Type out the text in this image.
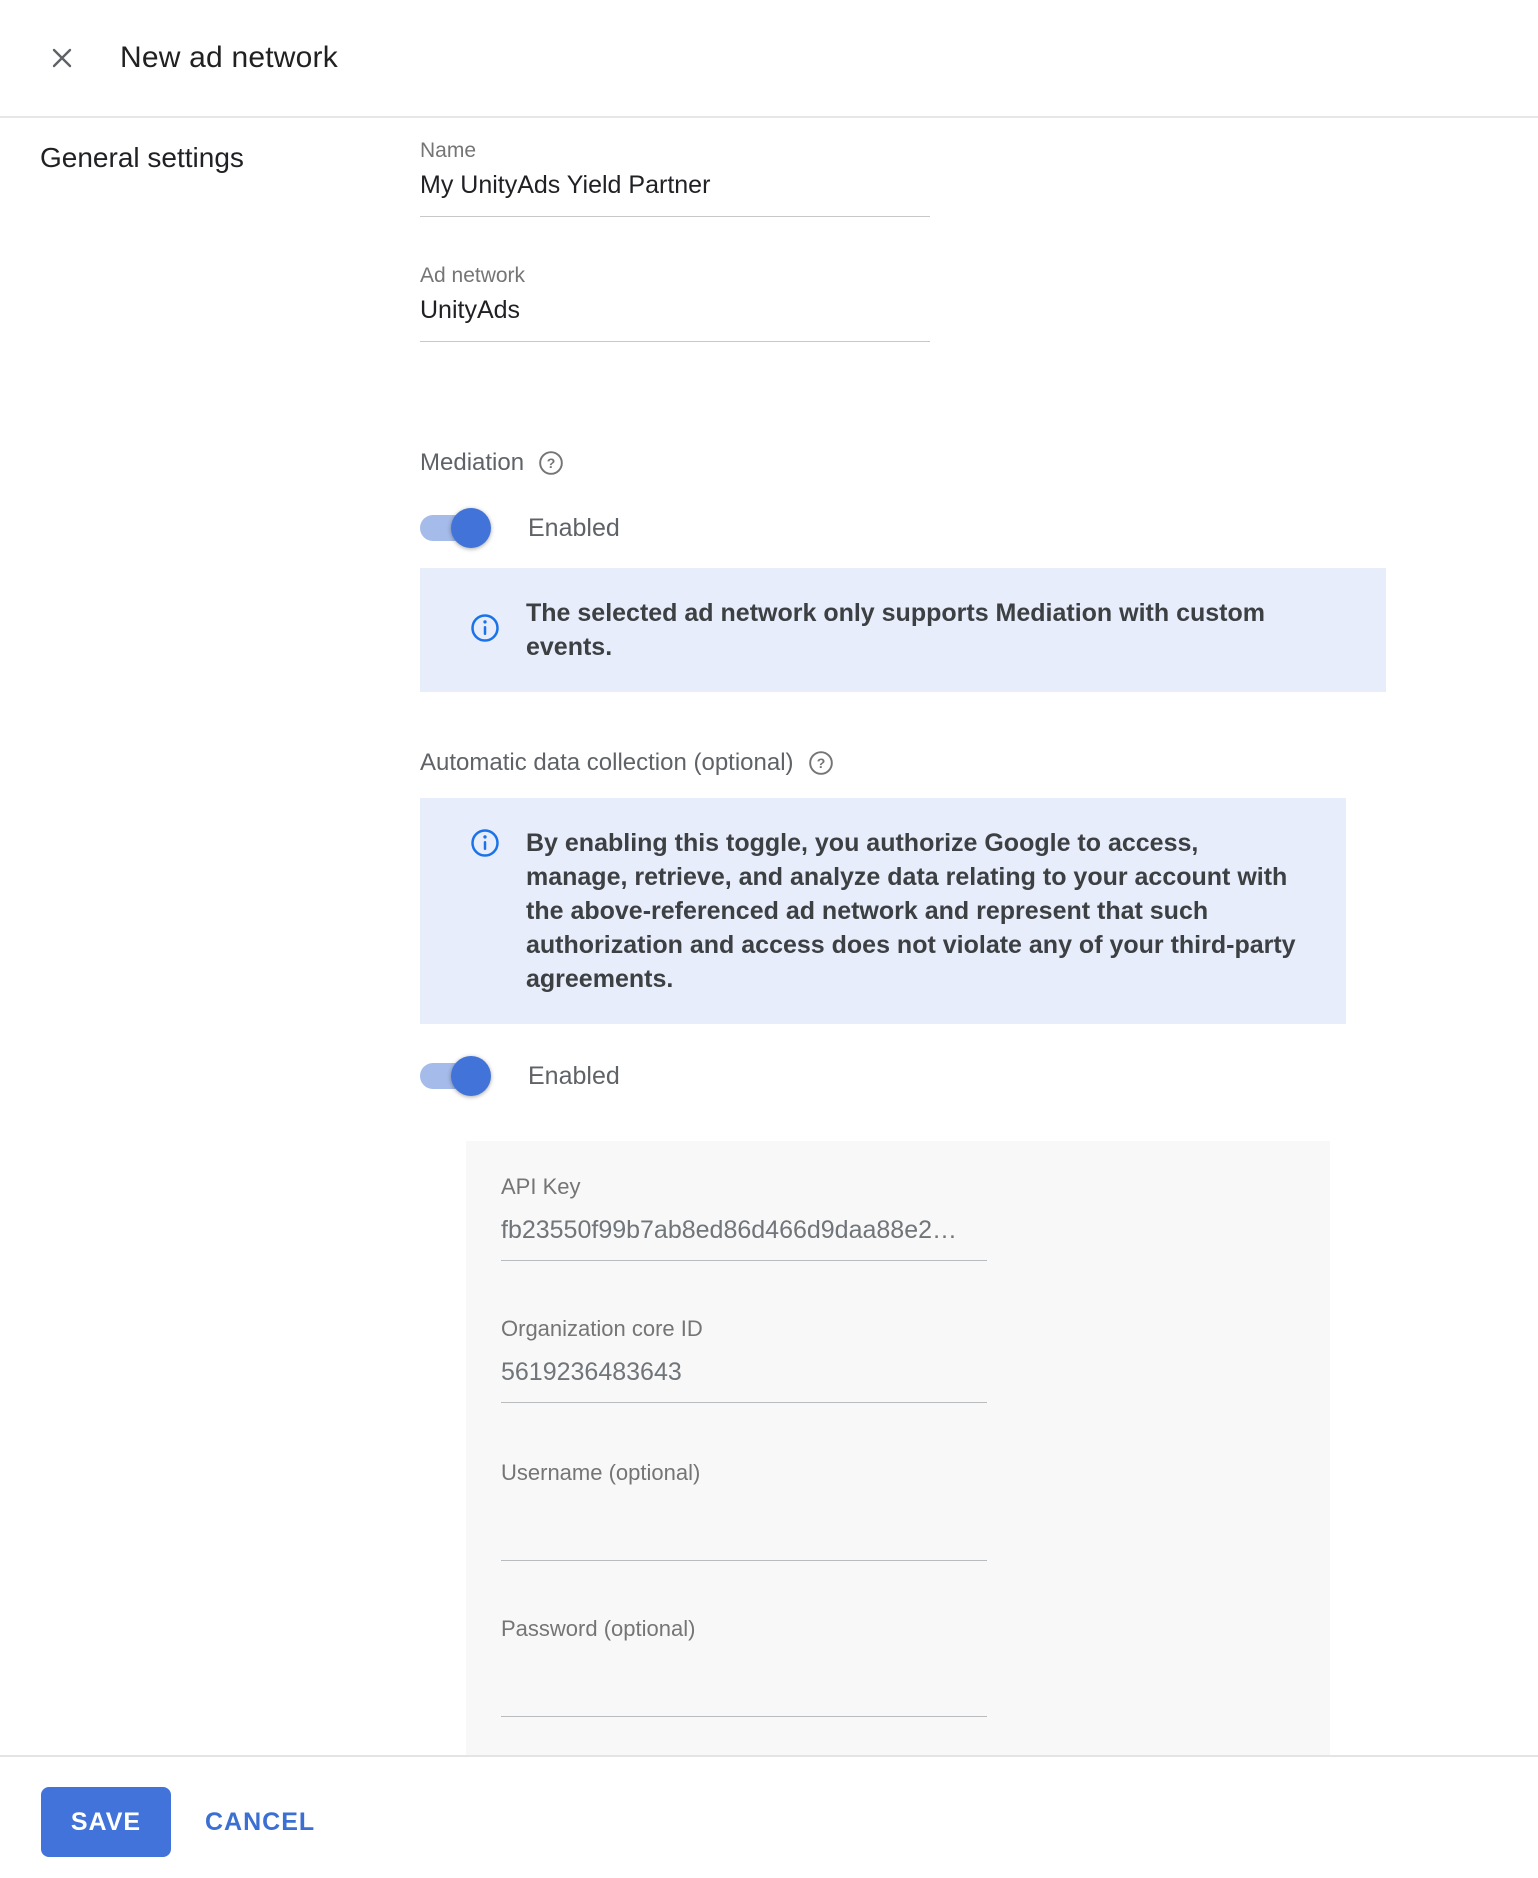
New ad network
General settings	Name
My UnityAds Yield Partner
Ad network
UnityAds
Mediation ?
Enabled
The selected ad network only supports Mediation with custom events.
Automatic data collection (optional) ?
By enabling this toggle, you authorize Google to access, manage, retrieve, and analyze data relating to your account with the above-referenced ad network and represent that such authorization and access does not violate any of your third-party agreements.
Enabled
API Key
fb23550f99b7ab8ed86d466d9daa88e2…
Organization core ID
5619236483643
Username (optional)
Password (optional)
SAVE	CANCEL
